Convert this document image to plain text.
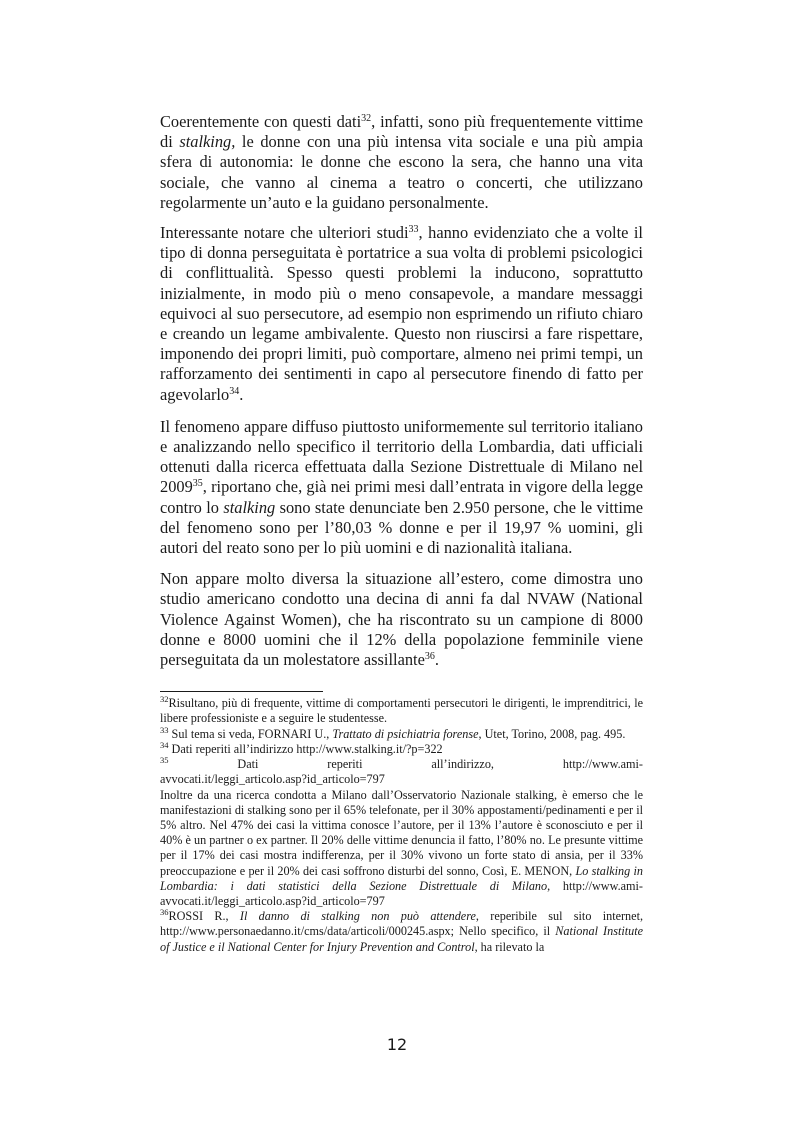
Coerentemente con questi dati$^{32}$, infatti, sono più frequentemente vittime di stalking, le donne con una più intensa vita sociale e una più ampia sfera di autonomia: le donne che escono la sera, che hanno una vita sociale, che vanno al cinema a teatro o concerti, che utilizzano regolarmente un’auto e la guidano personalmente.

Interessante notare che ulteriori studi$^{33}$, hanno evidenziato che a volte il tipo di donna perseguitata è portatrice a sua volta di problemi psicologici di conflittualità. Spesso questi problemi la inducono, soprattutto inizialmente, in modo più o meno consapevole, a mandare messaggi equivoci al suo persecutore, ad esempio non esprimendo un rifiuto chiaro e creando un legame ambivalente. Questo non riuscirsi a fare rispettare, imponendo dei propri limiti, può comportare, almeno nei primi tempi, un rafforzamento dei sentimenti in capo al persecutore finendo di fatto per agevolarlo$^{34}$.

Il fenomeno appare diffuso piuttosto uniformemente sul territorio italiano e analizzando nello specifico il territorio della Lombardia, dati ufficiali ottenuti dalla ricerca effettuata dalla Sezione Distrettuale di Milano nel 2009$^{35}$, riportano che, già nei primi mesi dall’entrata in vigore della legge contro lo stalking sono state denunciate ben 2.950 persone, che le vittime del fenomeno sono per l’80,03 % donne e per il 19,97 % uomini, gli autori del reato sono per lo più uomini e di nazionalità italiana.

Non appare molto diversa la situazione all’estero, come dimostra uno studio americano condotto una decina di anni fa dal NVAW (National Violence Against Women), che ha riscontrato su un campione di 8000 donne e 8000 uomini che il 12% della popolazione femminile viene perseguitata da un molestatore assillante$^{36}$.

$^{32}$Risultano, più di frequente, vittime di comportamenti persecutori le dirigenti, le imprenditrici, le libere professioniste e a seguire le studentesse.

$^{33}$ Sul tema si veda, FORNARI U., Trattato di psichiatria forense, Utet, Torino, 2008, pag. 495.

$^{34}$ Dati reperiti all’indirizzo http://www.stalking.it/?p=322

$^{35}$	Dati	reperiti	all’indirizzo,	http://www.ami-

avvocati.it/leggi_articolo.asp?id_articolo=797

Inoltre da una ricerca condotta a Milano dall’Osservatorio Nazionale stalking, è emerso che le manifestazioni di stalking sono per il 65% telefonate, per il 30% appostamenti/pedinamenti e per il 5% altro. Nel 47% dei casi la vittima conosce l’autore, per il 13% l’autore è sconosciuto e per il 40% è un partner o ex partner. Il 20% delle vittime denuncia il fatto, l’80% no. Le presunte vittime per il 17% dei casi mostra indifferenza, per il 30% vivono un forte stato di ansia, per il 33% preoccupazione e per il 20% dei casi soffrono disturbi del sonno, Così, E. MENON, Lo stalking in Lombardia: i dati statistici della Sezione Distrettuale di Milano, http://www.ami-avvocati.it/leggi_articolo.asp?id_articolo=797

$^{36}$ROSSI R., Il danno di stalking non può attendere, reperibile sul sito internet, http://www.personaedanno.it/cms/data/articoli/000245.aspx; Nello specifico, il National Institute of Justice e il National Center for Injury Prevention and Control, ha rilevato la

12
